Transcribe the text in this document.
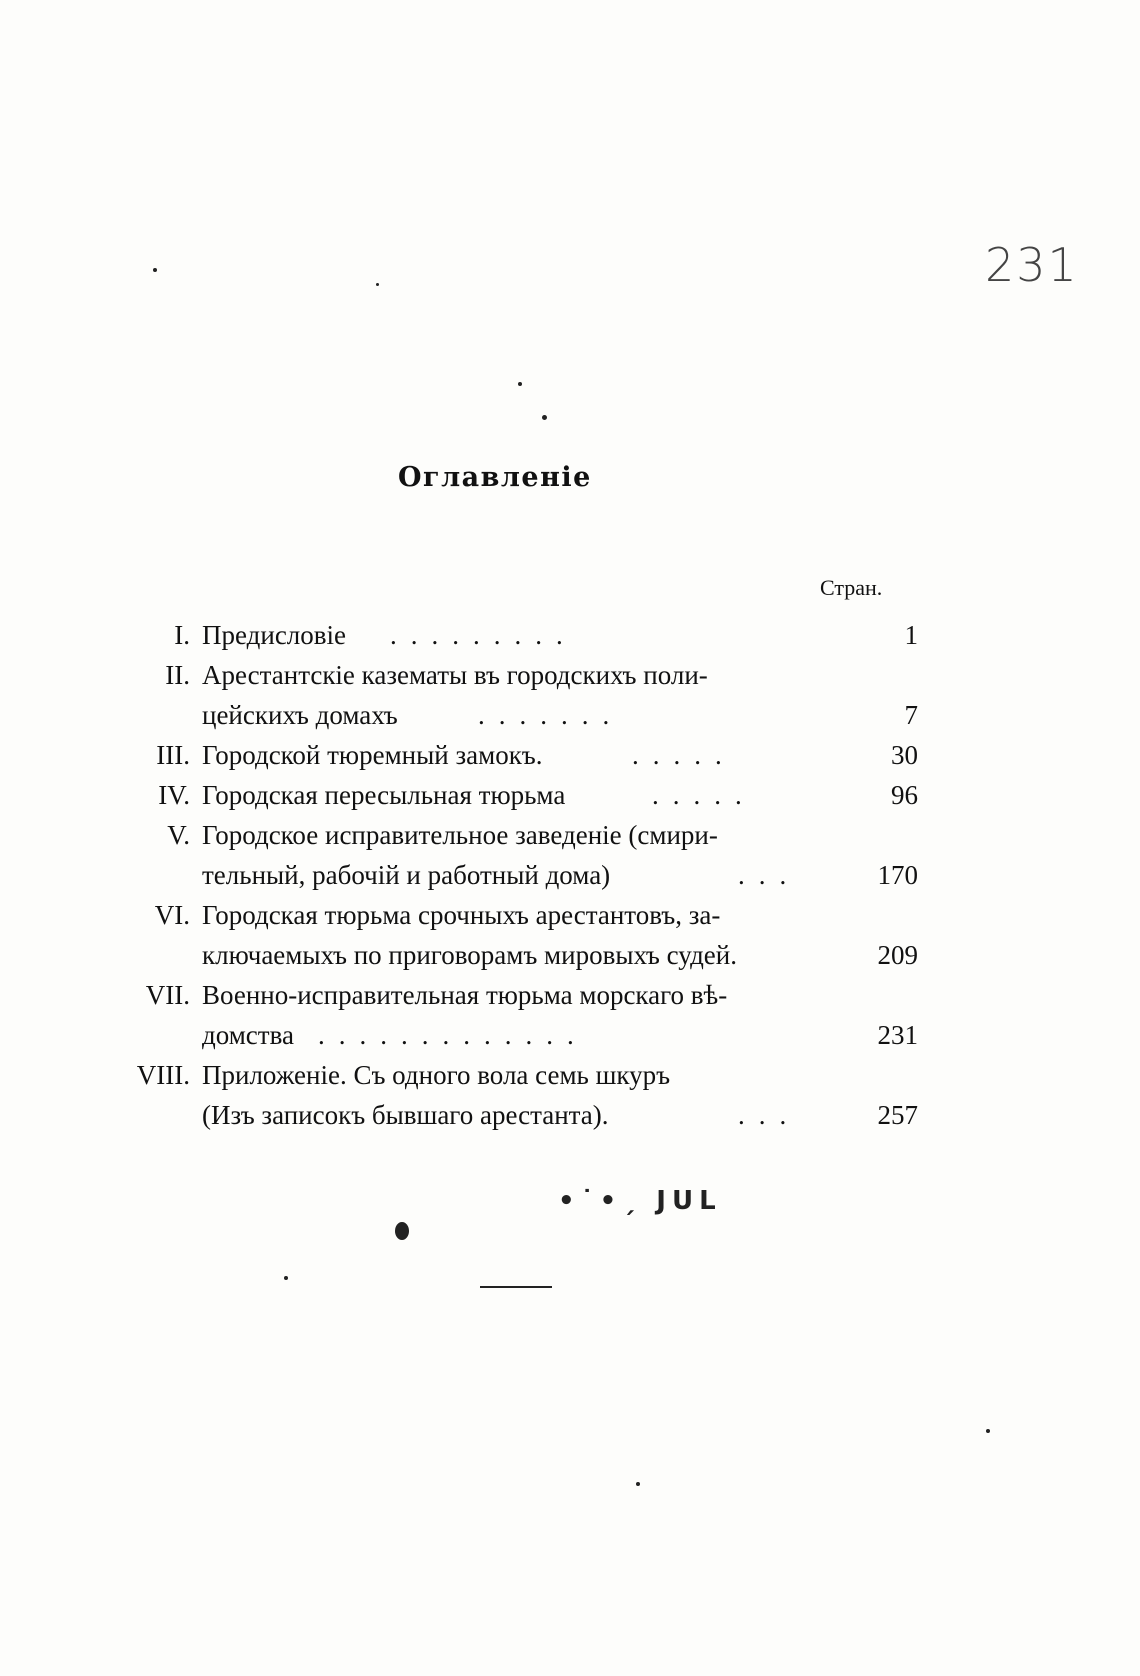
231
Оглавленіе
Стран.
I. Предисловіе .........	1
II. Арестантскіе казематы въ городскихъ поли-
цейскихъ домахъ	.......	7
III. Городской тюремный замокъ.	.....	30
IV. Городская пересыльная тюрьма	.....	96
V. Городское исправительное заведеніе (смири-
тельный, рабочій и работный дома)	...	170
VI. Городская тюрьма срочныхъ арестантовъ, за-
ключаемыхъ по приговорамъ мировыхъ судей.	209
VII. Военно-исправительная тюрьма морскаго вѣ-
домства .............	231
VIII. Приложеніе. Съ одного вола семь шкуръ
(Изъ записокъ бывшаго арестанта).	...	257
•˙•ˏ JUL
